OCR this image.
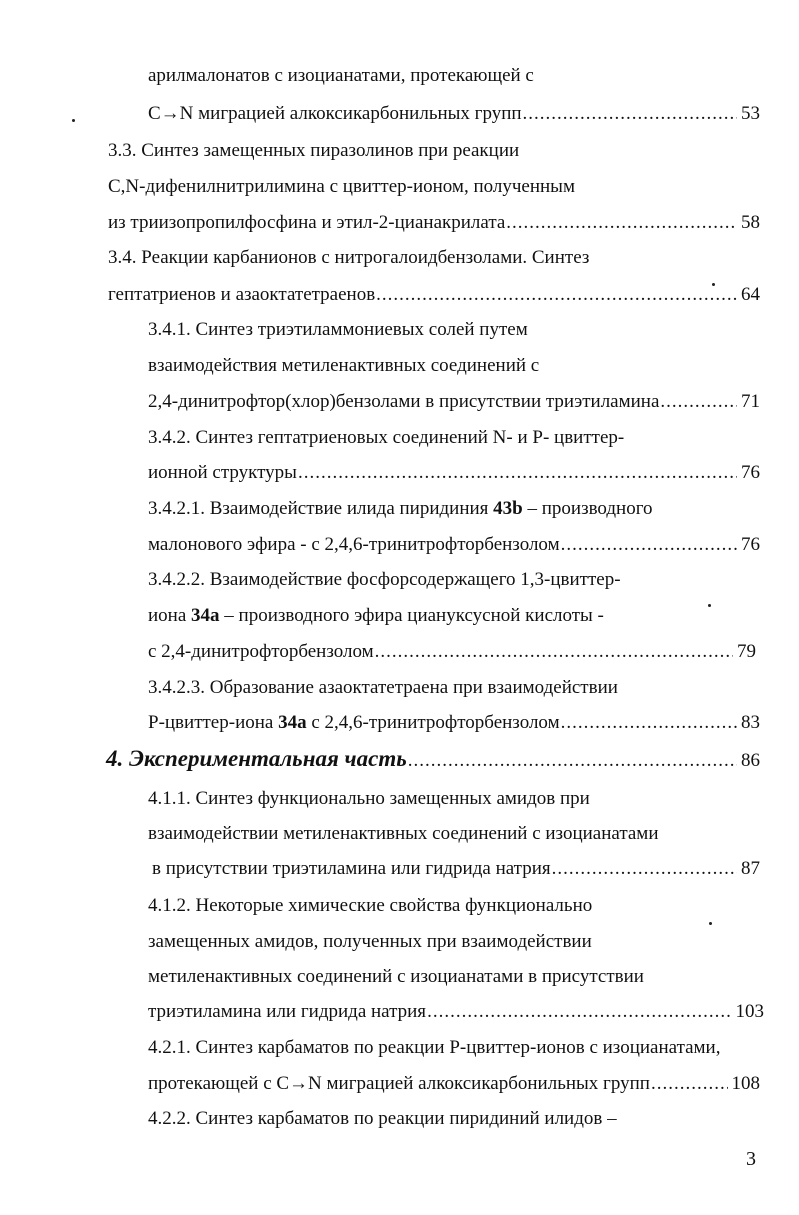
арилмалонатов с изоцианатами, протекающей с
C→N миграцией алкоксикарбонильных групп .....	53
3.3. Синтез замещенных пиразолинов при реакции
C,N-дифенилнитрилимина с цвиттер-ионом, полученным
из триизопропилфосфина и этил-2-цианакрилата .....	58
3.4. Реакции карбанионов с нитрогалоидбензолами. Синтез
гептатриенов и азаоктатетраенов .....	64
3.4.1. Синтез триэтиламмониевых солей путем
взаимодействия метиленактивных соединений с
2,4-динитрофтор(хлор)бензолами в присутствии триэтиламина .....	71
3.4.2. Синтез гептатриеновых соединений N- и P- цвиттер-
ионной структуры .....	76
3.4.2.1. Взаимодействие илида пиридиния 43b – производного
малонового эфира - с 2,4,6-тринитрофторбензолом .....	76
3.4.2.2. Взаимодействие фосфорсодержащего 1,3-цвиттер-
иона 34a – производного эфира циануксусной кислоты -
с 2,4-динитрофторбензолом .....	79
3.4.2.3. Образование азаоктатетраена при взаимодействии
P-цвиттер-иона 34a с 2,4,6-тринитрофторбензолом .....	83
4. Экспериментальная часть .....	86
4.1.1. Синтез функционально замещенных амидов при
взаимодействии метиленактивных соединений с изоцианатами
в присутствии триэтиламина или гидрида натрия .....	87
4.1.2. Некоторые химические свойства функционально
замещенных амидов, полученных при взаимодействии
метиленактивных соединений с изоцианатами в присутствии
триэтиламина или гидрида натрия .....	103
4.2.1. Синтез карбаматов по реакции P-цвиттер-ионов с изоцианатами,
протекающей с C→N миграцией алкоксикарбонильных групп .....	108
4.2.2. Синтез карбаматов по реакции пиридиний илидов –
3
